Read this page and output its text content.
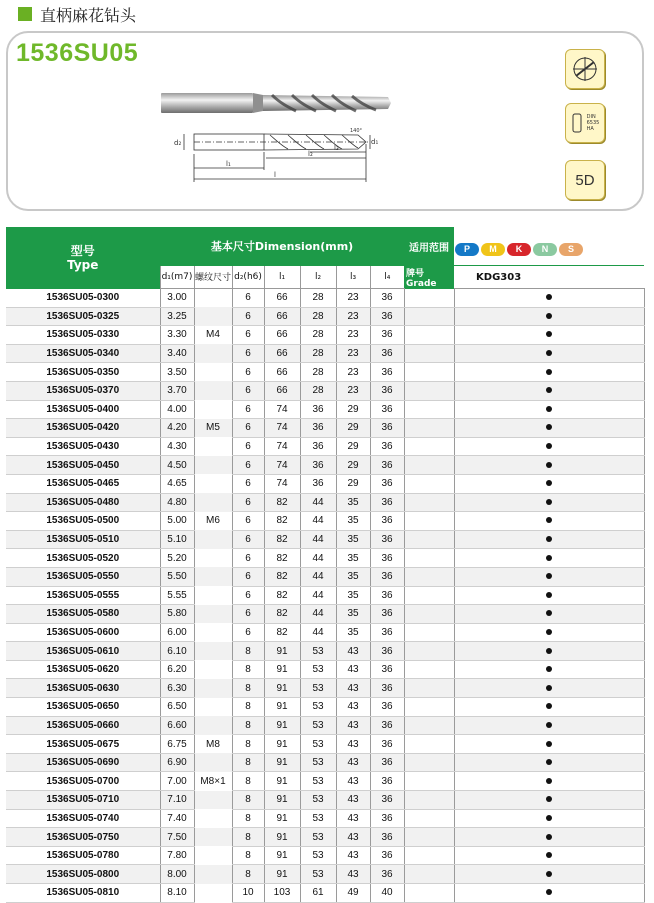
直柄麻花钻头
1536SU05
d₂
l₁
l₂
l₃
l
d₁
140°
DIN
6535
HA
5D
型号
Type	基本尺寸Dimension(mm)							适用范围	P M K N S
	d₁(m7)	螺纹尺寸	d₂(h6)	l₁	l₂	l₃	l₄	牌号Grade	KDG303
1536SU05-0300	3.00		6	66	28	23	36		
1536SU05-0325	3.25		6	66	28	23	36		
1536SU05-0330	3.30	M4	6	66	28	23	36		
1536SU05-0340	3.40		6	66	28	23	36		
1536SU05-0350	3.50		6	66	28	23	36		
1536SU05-0370	3.70		6	66	28	23	36		
1536SU05-0400	4.00		6	74	36	29	36		
1536SU05-0420	4.20	M5	6	74	36	29	36		
1536SU05-0430	4.30		6	74	36	29	36		
1536SU05-0450	4.50		6	74	36	29	36		
1536SU05-0465	4.65		6	74	36	29	36		
1536SU05-0480	4.80		6	82	44	35	36		
1536SU05-0500	5.00	M6	6	82	44	35	36		
1536SU05-0510	5.10		6	82	44	35	36		
1536SU05-0520	5.20		6	82	44	35	36		
1536SU05-0550	5.50		6	82	44	35	36		
1536SU05-0555	5.55		6	82	44	35	36		
1536SU05-0580	5.80		6	82	44	35	36		
1536SU05-0600	6.00		6	82	44	35	36		
1536SU05-0610	6.10		8	91	53	43	36		
1536SU05-0620	6.20		8	91	53	43	36		
1536SU05-0630	6.30		8	91	53	43	36		
1536SU05-0650	6.50		8	91	53	43	36		
1536SU05-0660	6.60		8	91	53	43	36		
1536SU05-0675	6.75	M8	8	91	53	43	36		
1536SU05-0690	6.90		8	91	53	43	36		
1536SU05-0700	7.00	M8×1	8	91	53	43	36		
1536SU05-0710	7.10		8	91	53	43	36		
1536SU05-0740	7.40		8	91	53	43	36		
1536SU05-0750	7.50		8	91	53	43	36		
1536SU05-0780	7.80		8	91	53	43	36		
1536SU05-0800	8.00		8	91	53	43	36		
1536SU05-0810	8.10		10	103	61	49	40		
